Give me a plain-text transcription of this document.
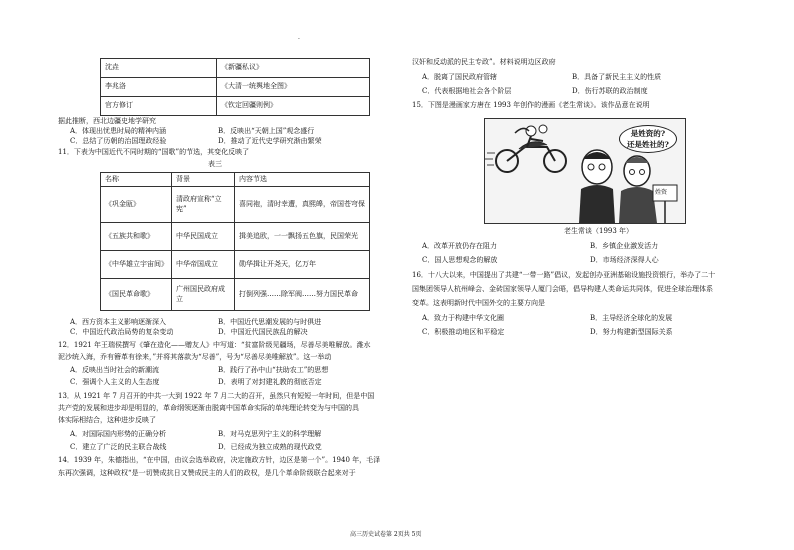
·
沈垚	《新疆私议》
李兆洛	《大清一统舆地全图》
官方修订	《钦定回疆则例》
据此推断，西北边疆史地学研究
A．体现出忧患时局的精神内涵	B．反映出“天朝上国”观念盛行
C．总结了历朝的治国理政经验	D．推动了近代史学研究渐由繁荣
11．下表为中国近代不同时期的“国歌”的节选，其变化反映了
表三
名称	背景	内容节选
《巩金瓯》	清政府宣称“立宪”	喜同袍，清时幸遭，真熙皞，帝国苍穹保
《五族共和歌》	中华民国成立	揖美追欧，一一飘扬五色旗，民国荣光
《中华雄立宇宙间》	中华帝国成立	勋华揖让开尧天，亿万年
《国民革命歌》	广州国民政府成立	打倒列强……除军阀……努力国民革命
A．西方资本主义影响逐渐深入	B．中国近代思潮发展的与时俱进
C．中国近代政治局势的复杂变动	D．中国近代国民族乱的解决
12．1921 年王瑞侯撰写《肇在造化——赠友人》中写道：“贫富阶级见疆场，尽善尽美唯解放。潍水
泥沙统入海，乔有簪革有徐来，”并将其落款为“尽善”，号为“尽善尽美唯解放”。这一举动
A．反映出当时社会的新潮流	B．践行了孙中山“扶助农工”的思想
C．强调个人主义的人生态度	D．表明了对封建礼教的彻底否定
13．从 1921 年 7 月召开的中共一大到 1922 年 7 月二大的召开，虽然只有短短一年时间，但是中国
共产党的发展和进步却是明显的，革命纲领逐渐由脱离中国革命实际的单纯理论转变为与中国的具
体实际相结合，这种进步反映了
A．对国际国内形势的正确分析	B．对马克思列宁主义的科学理解
C．建立了广泛的民主联合战线	D．已经成为独立成熟的现代政党
14．1939 年，朱德指出，“在中国，由议会选举政府，决定施政方针，边区是第一个”。1940 年，毛泽
东再次强调，这种政权“是一切赞成抗日又赞成民主的人们的政权，是几个革命阶级联合起来对于
汉奸和反动派的民主专政”。材料说明边区政府
A．脱离了国民政府管辖	B．具备了新民主主义的性质
C．代表根据地社会各个阶层	D．伤行苏联的政治制度
15．下图是漫画家方唐在 1993 年创作的漫画《老生常谈》。该作品意在说明
是姓资的?
还是姓社的?
姓资
老生常谈（1993 年）
A．改革开放仍存在阻力	B．乡镇企业激发活力
C．国人思想观念的解放	D．市场经济深得人心
16．十八大以来，中国提出了共建“一带一路”倡议，发起创办亚洲基础设施投资银行，举办了二十
国集团领导人杭州峰会、金砖国家领导人厦门会晤，倡导构建人类命运共同体，促进全球治理体系
变革。这表明新时代中国外交的主要方向是
A．致力于构建中华文化圈	B．主导经济全球化的发展
C．积极推动地区和平稳定	D．努力构建新型国际关系
高三历史试卷第 2页共 5页
